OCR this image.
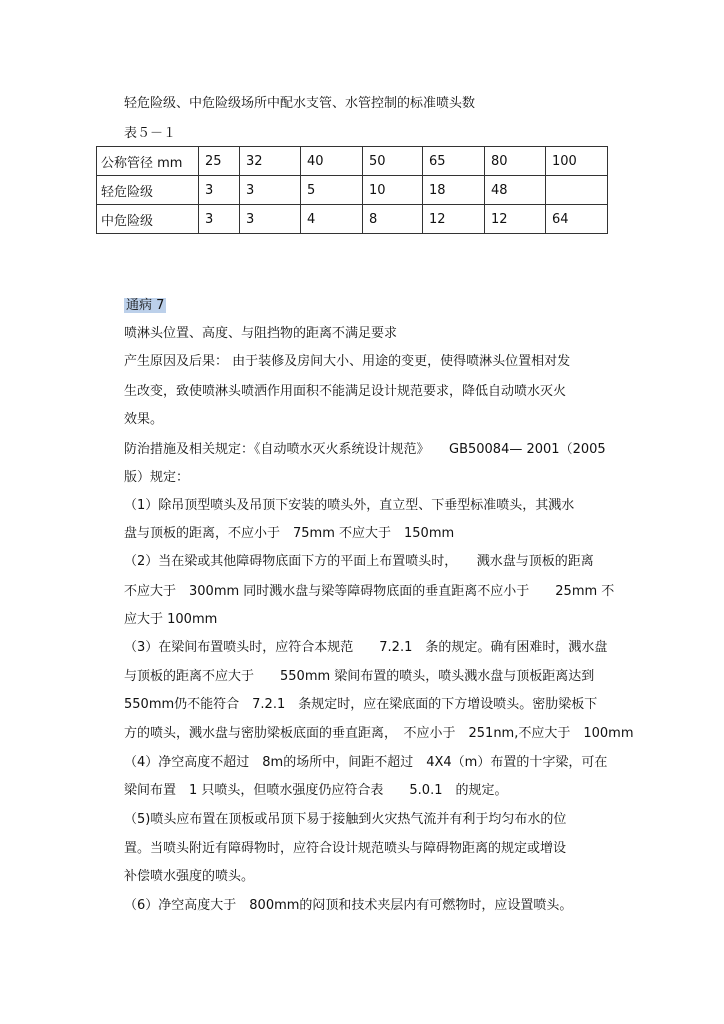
轻危险级、中危险级场所中配水支管、水管控制的标准喷头数

表５－１

公称管径 mm	25	32	40	50	65	80	100
轻危险级	3	3	5	10	18	48	
中危险级	3	3	4	8	12	12	64

通病 7

喷淋头位置、高度、与阻挡物的距离不满足要求

产生原因及后果： 由于装修及房间大小、用途的变更，使得喷淋头位置相对发

生改变，致使喷淋头喷洒作用面积不能满足设计规范要求，降低自动喷水灭火

效果。

防治措施及相关规定：《自动喷水灭火系统设计规范》　　GB50084— 2001（2005

版）规定：

（1）除吊顶型喷头及吊顶下安装的喷头外，直立型、下垂型标准喷头，其溅水

盘与顶板的距离，不应小于　75mm 不应大于　150mm

（2）当在梁或其他障碍物底面下方的平面上布置喷头时，　　溅水盘与顶板的距离

不应大于　300mm 同时溅水盘与梁等障碍物底面的垂直距离不应小于　　25mm 不

应大于 100mm

（3）在梁间布置喷头时，应符合本规范　　7.2.1　条的规定。确有困难时，溅水盘

与顶板的距离不应大于　　550mm 梁间布置的喷头，喷头溅水盘与顶板距离达到

550mm仍不能符合　7.2.1　条规定时，应在梁底面的下方增设喷头。密肋梁板下

方的喷头，溅水盘与密肋梁板底面的垂直距离，　不应小于　251nm,不应大于　100mm

（4）净空高度不超过　8m的场所中，间距不超过　4X4（m）布置的十字梁，可在

梁间布置　1 只喷头，但喷水强度仍应符合表　　5.0.1　的规定。

（5)喷头应布置在顶板或吊顶下易于接触到火灾热气流并有利于均匀布水的位

置。当喷头附近有障碍物时，应符合设计规范喷头与障碍物距离的规定或增设

补偿喷水强度的喷头。

（6）净空高度大于　800mm的闷顶和技术夹层内有可燃物时，应设置喷头。
